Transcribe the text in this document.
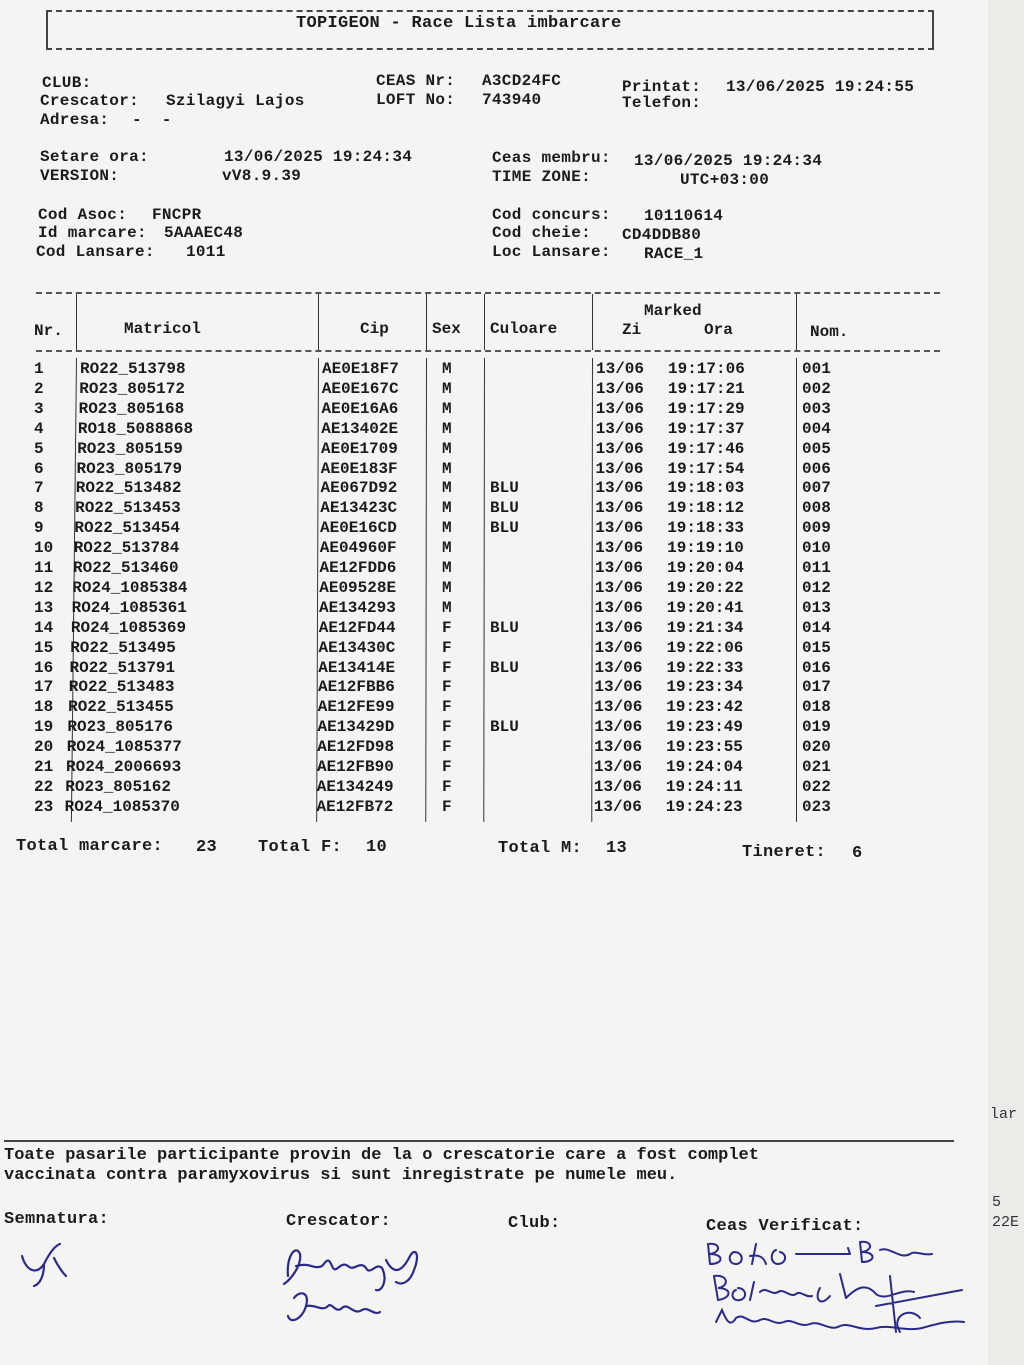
lar
5
22E
TOPIGEON - Race Lista imbarcare
CLUB:
Crescator: Szilagyi Lajos
Adresa: -  -
CEAS Nr: A3CD24FC
LOFT No: 743940
Printat: 13/06/2025 19:24:55
Telefon:
Setare ora:	13/06/2025 19:24:34
VERSION:	vV8.9.39
Ceas membru: 13/06/2025 19:24:34
TIME ZONE:	UTC+03:00
Cod Asoc: FNCPR
Id marcare: 5AAAEC48
Cod Lansare: 1011
Cod concurs: 10110614
Cod cheie: CD4DDB80
Loc Lansare: RACE_1
Nr.	Matricol	Cip	Sex Culoare
Marked
Zi	Ora	Nom.
1 RO22_513798	AE0E18F7	M	13/06 19:17:06	001
2 RO23_805172	AE0E167C	M	13/06 19:17:21	002
3 RO23_805168	AE0E16A6	M	13/06 19:17:29	003
4 RO18_5088868	AE13402E	M	13/06 19:17:37	004
5 RO23_805159	AE0E1709	M	13/06 19:17:46	005
6 RO23_805179	AE0E183F	M	13/06 19:17:54	006
7 RO22_513482	AE067D92	M BLU	13/06 19:18:03	007
8 RO22_513453	AE13423C	M BLU	13/06 19:18:12	008
9 RO22_513454	AE0E16CD	M BLU	13/06 19:18:33	009
10 RO22_513784	AE04960F	M	13/06 19:19:10	010
11 RO22_513460	AE12FDD6	M	13/06 19:20:04	011
12 RO24_1085384	AE09528E	M	13/06 19:20:22	012
13 RO24_1085361	AE134293	M	13/06 19:20:41	013
14 RO24_1085369	AE12FD44	F BLU	13/06 19:21:34	014
15 RO22_513495	AE13430C	F	13/06 19:22:06	015
16 RO22_513791	AE13414E	F BLU	13/06 19:22:33	016
17 RO22_513483	AE12FBB6	F	13/06 19:23:34	017
18 RO22_513455	AE12FE99	F	13/06 19:23:42	018
19 RO23_805176	AE13429D	F BLU	13/06 19:23:49	019
20 RO24_1085377	AE12FD98	F	13/06 19:23:55	020
21 RO24_2006693	AE12FB90	F	13/06 19:24:04	021
22 RO23_805162	AE134249	F	13/06 19:24:11	022
23 RO24_1085370	AE12FB72	F	13/06 19:24:23	023
Total marcare: 23 Total F: 10	Total M: 13	Tineret: 6
Toate pasarile participante provin de la o crescatorie care a fost complet
vaccinata contra paramyxovirus si sunt inregistrate pe numele meu.
Semnatura:	Crescator:	Club:	Ceas Verificat:
